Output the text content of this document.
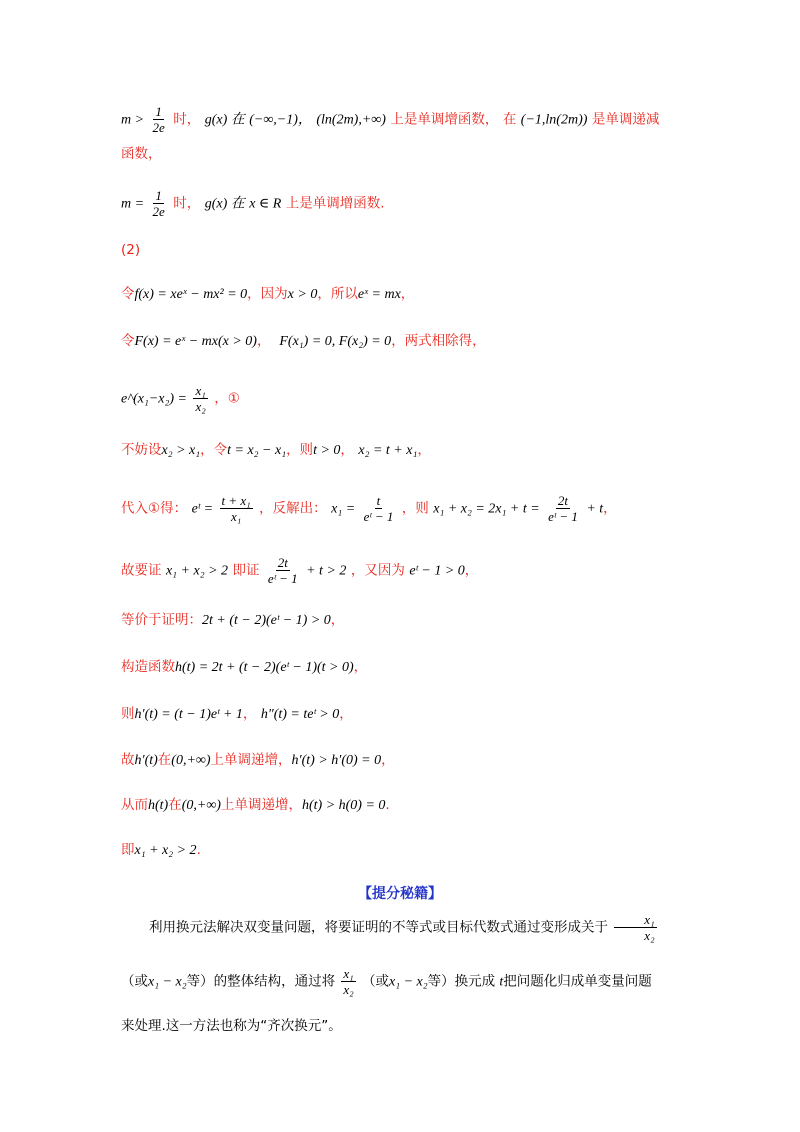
$m > \frac{1}{2e}$ 时， g(x) 在 (−∞,−1)， (ln(2m),+∞) 上是单调增函数， 在 (−1,ln(2m)) 是单调递减
函数，
$m = \frac{1}{2e}$ 时， g(x) 在 x ∈ R 上是单调增函数.
(2)
令f(x) = xeˣ − mx² = 0，因为x > 0，所以eˣ = mx，
令F(x) = eˣ − mx(x > 0)， F(x₁) = 0, F(x₂) = 0，两式相除得，
e^(x₁−x₂) = $\frac{\text{x₁}}{\text{x₂}}$ ，①
不妨设x₂ > x₁，令t = x₂ − x₁，则t > 0， x₂ = t + x₁，
代入①得： eᵗ = $\frac{\text{t + x₁}}{\text{x₁}}$ ，反解出： $x_1 = \frac{t}{\text{eᵗ − 1}}$ ，则 $x_1 + x_2 = 2x_1 + t = \frac{2t}{\text{eᵗ − 1}} + t$，
故要证 x₁ + x₂ > 2 即证 $\frac{2t}{\text{eᵗ − 1}} + t > 2$ ，又因为 eᵗ − 1 > 0，
等价于证明：2t + (t − 2)(eᵗ − 1) > 0，
构造函数h(t) = 2t + (t − 2)(eᵗ − 1)(t > 0)，
则h′(t) = (t − 1)eᵗ + 1， h″(t) = teᵗ > 0，
故h′(t)在(0,+∞)上单调递增，h′(t) > h′(0) = 0，
从而h(t)在(0,+∞)上单调递增，h(t) > h(0) = 0.
即x₁ + x₂ > 2.
【提分秘籍】
利用换元法解决双变量问题，将要证明的不等式或目标代数式通过变形成关于 $\frac{\text{x₁}}{\text{x₂}}$
（或x₁ − x₂等）的整体结构，通过将 $\frac{\text{x₁}}{\text{x₂}}$ （或x₁ − x₂等）换元成 t把问题化归成单变量问题
来处理.这一方法也称为“齐次换元”。
